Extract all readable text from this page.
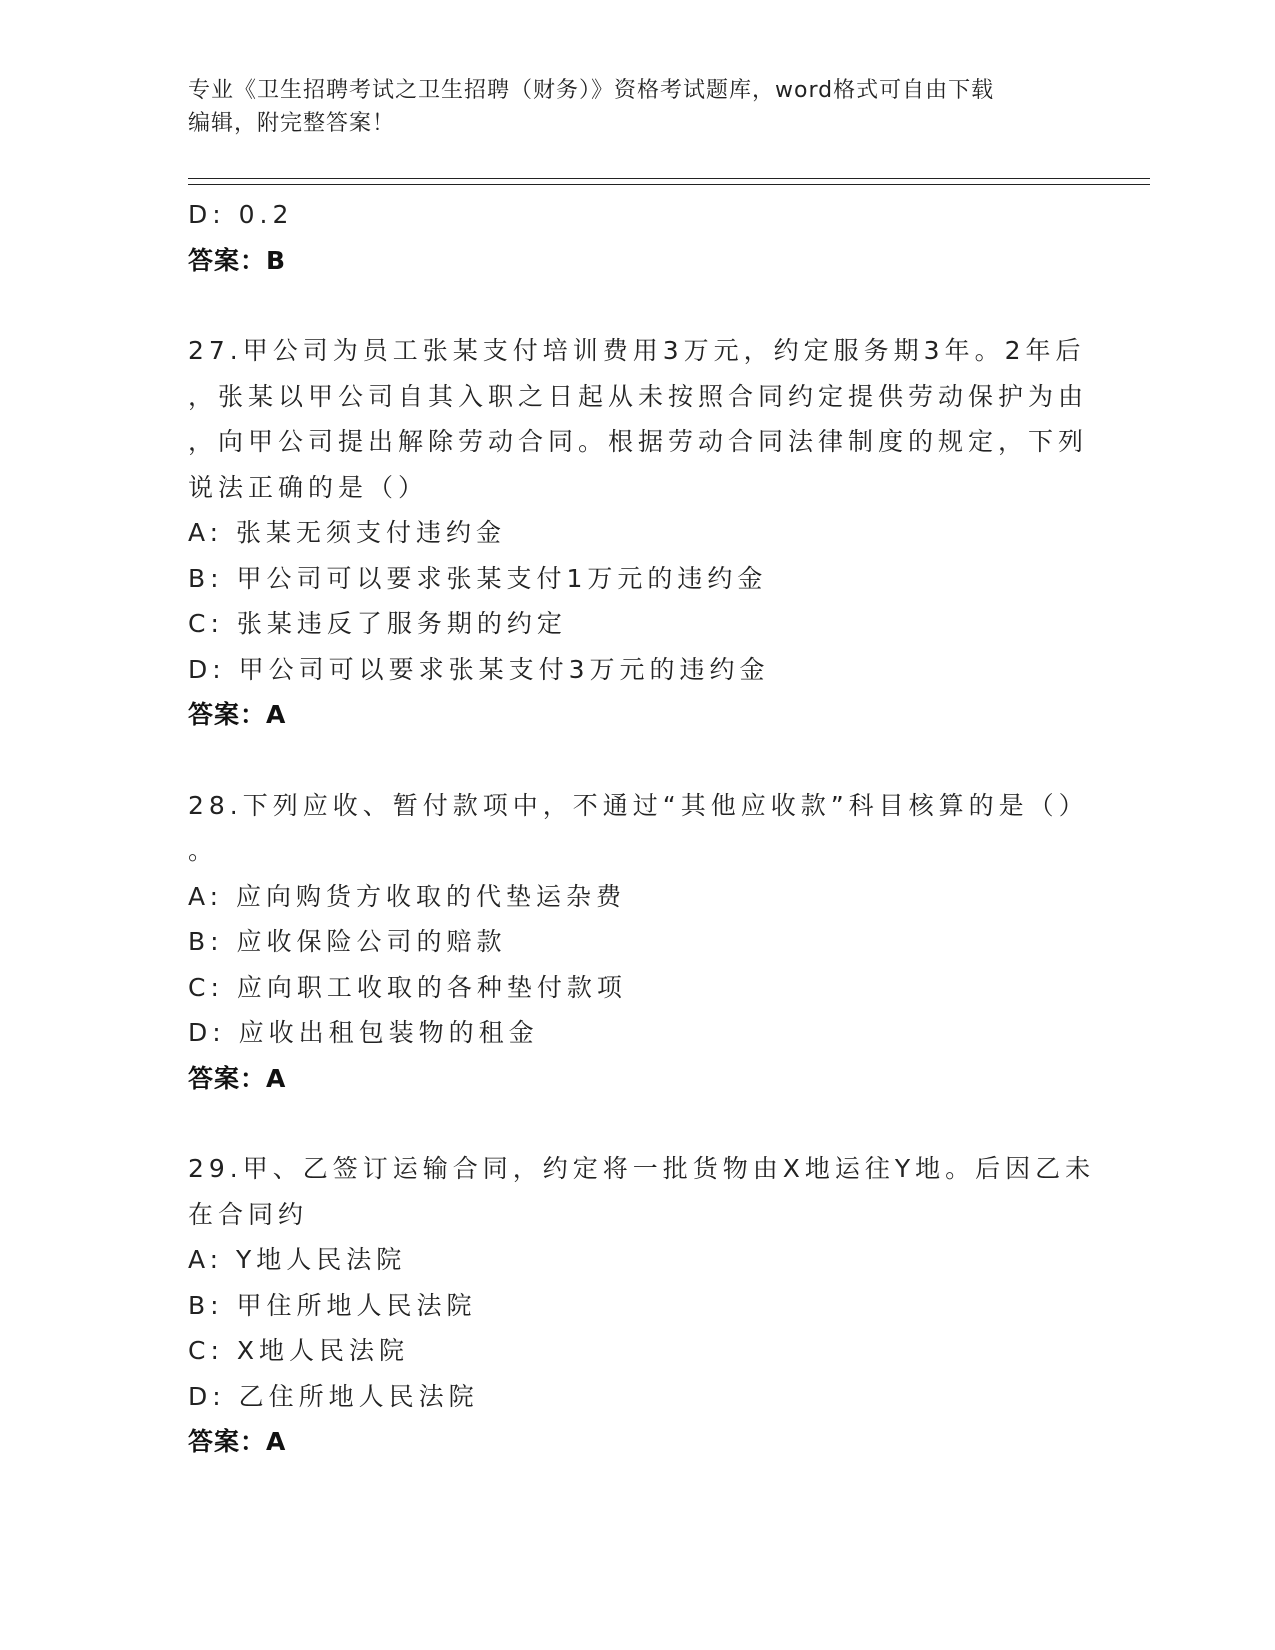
专业《卫生招聘考试之卫生招聘（财务）》资格考试题库，word格式可自由下载
编辑，附完整答案！
D: 0.2
答案：B
27.甲公司为员工张某支付培训费用3万元，约定服务期3年。2年后
，张某以甲公司自其入职之日起从未按照合同约定提供劳动保护为由
，向甲公司提出解除劳动合同。根据劳动合同法律制度的规定，下列
说法正确的是（）
A: 张某无须支付违约金
B: 甲公司可以要求张某支付1万元的违约金
C: 张某违反了服务期的约定
D: 甲公司可以要求张某支付3万元的违约金
答案：A
28.下列应收、暂付款项中，不通过“其他应收款”科目核算的是（）
。
A: 应向购货方收取的代垫运杂费
B: 应收保险公司的赔款
C: 应向职工收取的各种垫付款项
D: 应收出租包装物的租金
答案：A
29.甲、乙签订运输合同，约定将一批货物由X地运往Y地。后因乙未
在合同约
A: Y地人民法院
B: 甲住所地人民法院
C: X地人民法院
D: 乙住所地人民法院
答案：A
